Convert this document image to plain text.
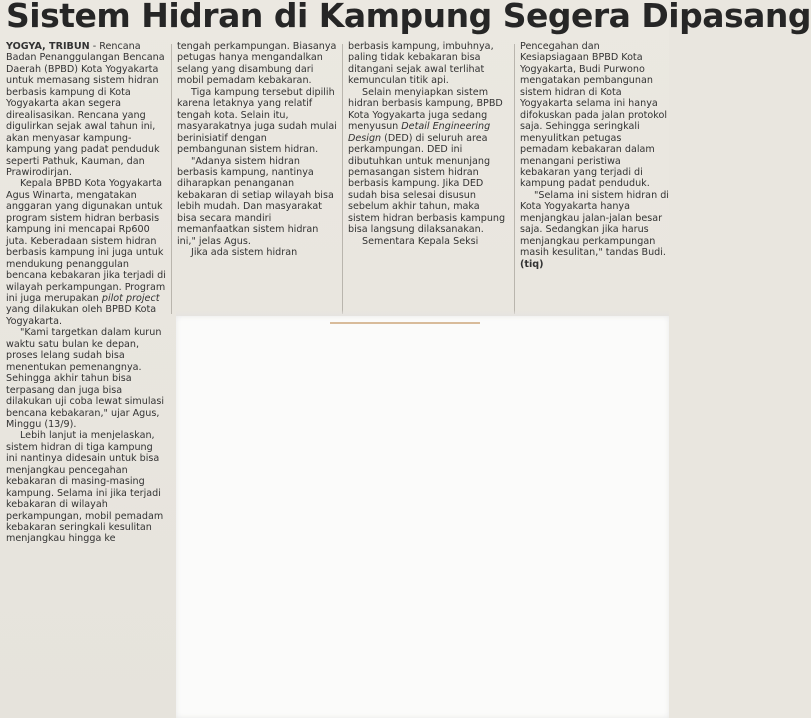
Sistem Hidran di Kampung Segera Dipasang

YOGYA, TRIBUN - Rencana Badan Penanggulangan Bencana Daerah (BPBD) Kota Yogyakarta untuk memasang sistem hidran berbasis kampung di Kota Yogyakarta akan segera direalisasikan. Rencana yang digulirkan sejak awal tahun ini, akan menyasar kampung-kampung yang padat penduduk seperti Pathuk, Kauman, dan Prawirodirjan.

Kepala BPBD Kota Yogyakarta Agus Winarta, mengatakan anggaran yang digunakan untuk program sistem hidran berbasis kampung ini mencapai Rp600 juta. Keberadaan sistem hidran berbasis kampung ini juga untuk mendukung penanggulan bencana kebakaran jika terjadi di wilayah perkampungan. Program ini juga merupakan pilot project yang dilakukan oleh BPBD Kota Yogyakarta.

"Kami targetkan dalam kurun waktu satu bulan ke depan, proses lelang sudah bisa menentukan pemenangnya. Sehingga akhir tahun bisa terpasang dan juga bisa dilakukan uji coba lewat simulasi bencana kebakaran," ujar Agus, Minggu (13/9).

Lebih lanjut ia menjelaskan, sistem hidran di tiga kampung ini nantinya didesain untuk bisa menjangkau pencegahan kebakaran di masing-masing kampung. Selama ini jika terjadi kebakaran di wilayah perkampungan, mobil pemadam kebakaran seringkali kesulitan menjangkau hingga ke

tengah perkampungan. Biasanya petugas hanya mengandalkan selang yang disambung dari mobil pemadam kebakaran.

Tiga kampung tersebut dipilih karena letaknya yang relatif tengah kota. Selain itu, masyarakatnya juga sudah mulai berinisiatif dengan pembangunan sistem hidran.

"Adanya sistem hidran berbasis kampung, nantinya diharapkan penanganan kebakaran di setiap wilayah bisa lebih mudah. Dan masyarakat bisa secara mandiri memanfaatkan sistem hidran ini," jelas Agus.

Jika ada sistem hidran

berbasis kampung, imbuhnya, paling tidak kebakaran bisa ditangani sejak awal terlihat kemunculan titik api.

Selain menyiapkan sistem hidran berbasis kampung, BPBD Kota Yogyakarta juga sedang menyusun Detail Engineering Design (DED) di seluruh area perkampungan. DED ini dibutuhkan untuk menunjang pemasangan sistem hidran berbasis kampung. Jika DED sudah bisa selesai disusun sebelum akhir tahun, maka sistem hidran berbasis kampung bisa langsung dilaksanakan.

Sementara Kepala Seksi

Pencegahan dan Kesiapsiagaan BPBD Kota Yogyakarta, Budi Purwono mengatakan pembangunan sistem hidran di Kota Yogyakarta selama ini hanya difokuskan pada jalan protokol saja. Sehingga seringkali menyulitkan petugas pemadam kebakaran dalam menangani peristiwa kebakaran yang terjadi di kampung padat penduduk.

"Selama ini sistem hidran di Kota Yogyakarta hanya menjangkau jalan-jalan besar saja. Sedangkan jika harus menjangkau perkampungan masih kesulitan," tandas Budi. (tiq)
